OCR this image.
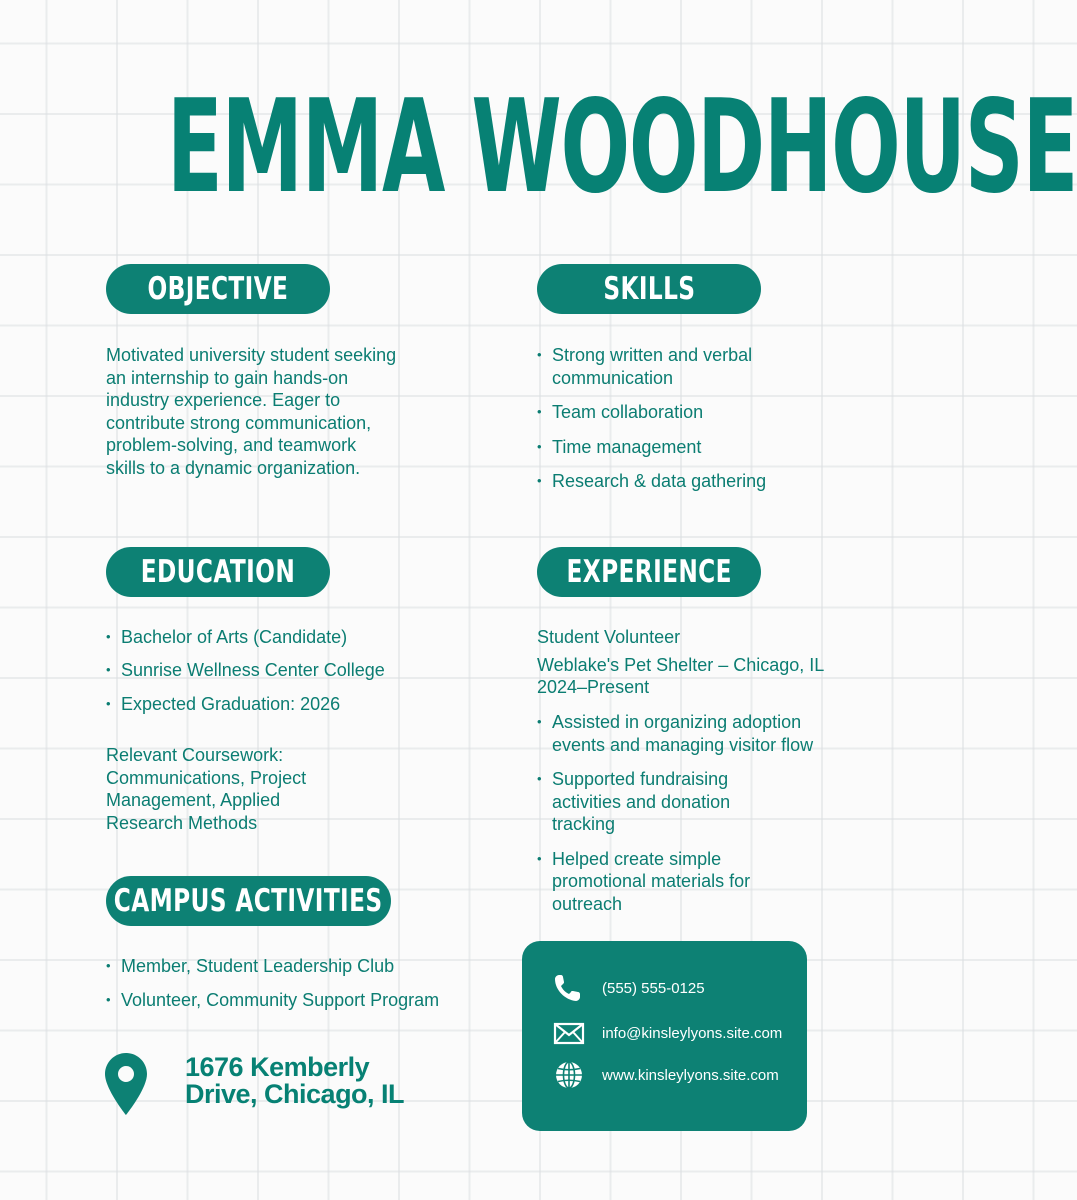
EMMA WOODHOUSE
OBJECTIVE

Motivated university student seeking an internship to gain hands-on industry experience. Eager to contribute strong communication, problem-solving, and teamwork skills to a dynamic organization.

SKILLS
• Strong written and verbal communication
• Team collaboration
• Time management
• Research & data gathering
EDUCATION
• Bachelor of Arts (Candidate)
• Sunrise Wellness Center College
• Expected Graduation: 2026

Relevant Coursework: Communications, Project Management, Applied Research Methods

EXPERIENCE

Student Volunteer

Weblake's Pet Shelter – Chicago, IL

2024–Present

• Assisted in organizing adoption events and managing visitor flow
• Supported fundraising activities and donation tracking
• Helped create simple promotional materials for outreach
CAMPUS ACTIVITIES
• Member, Student Leadership Club
• Volunteer, Community Support Program
1676 Kemberly Drive, Chicago, IL
(555) 555-0125
info@kinsleylyons.site.com
www.kinsleylyons.site.com
